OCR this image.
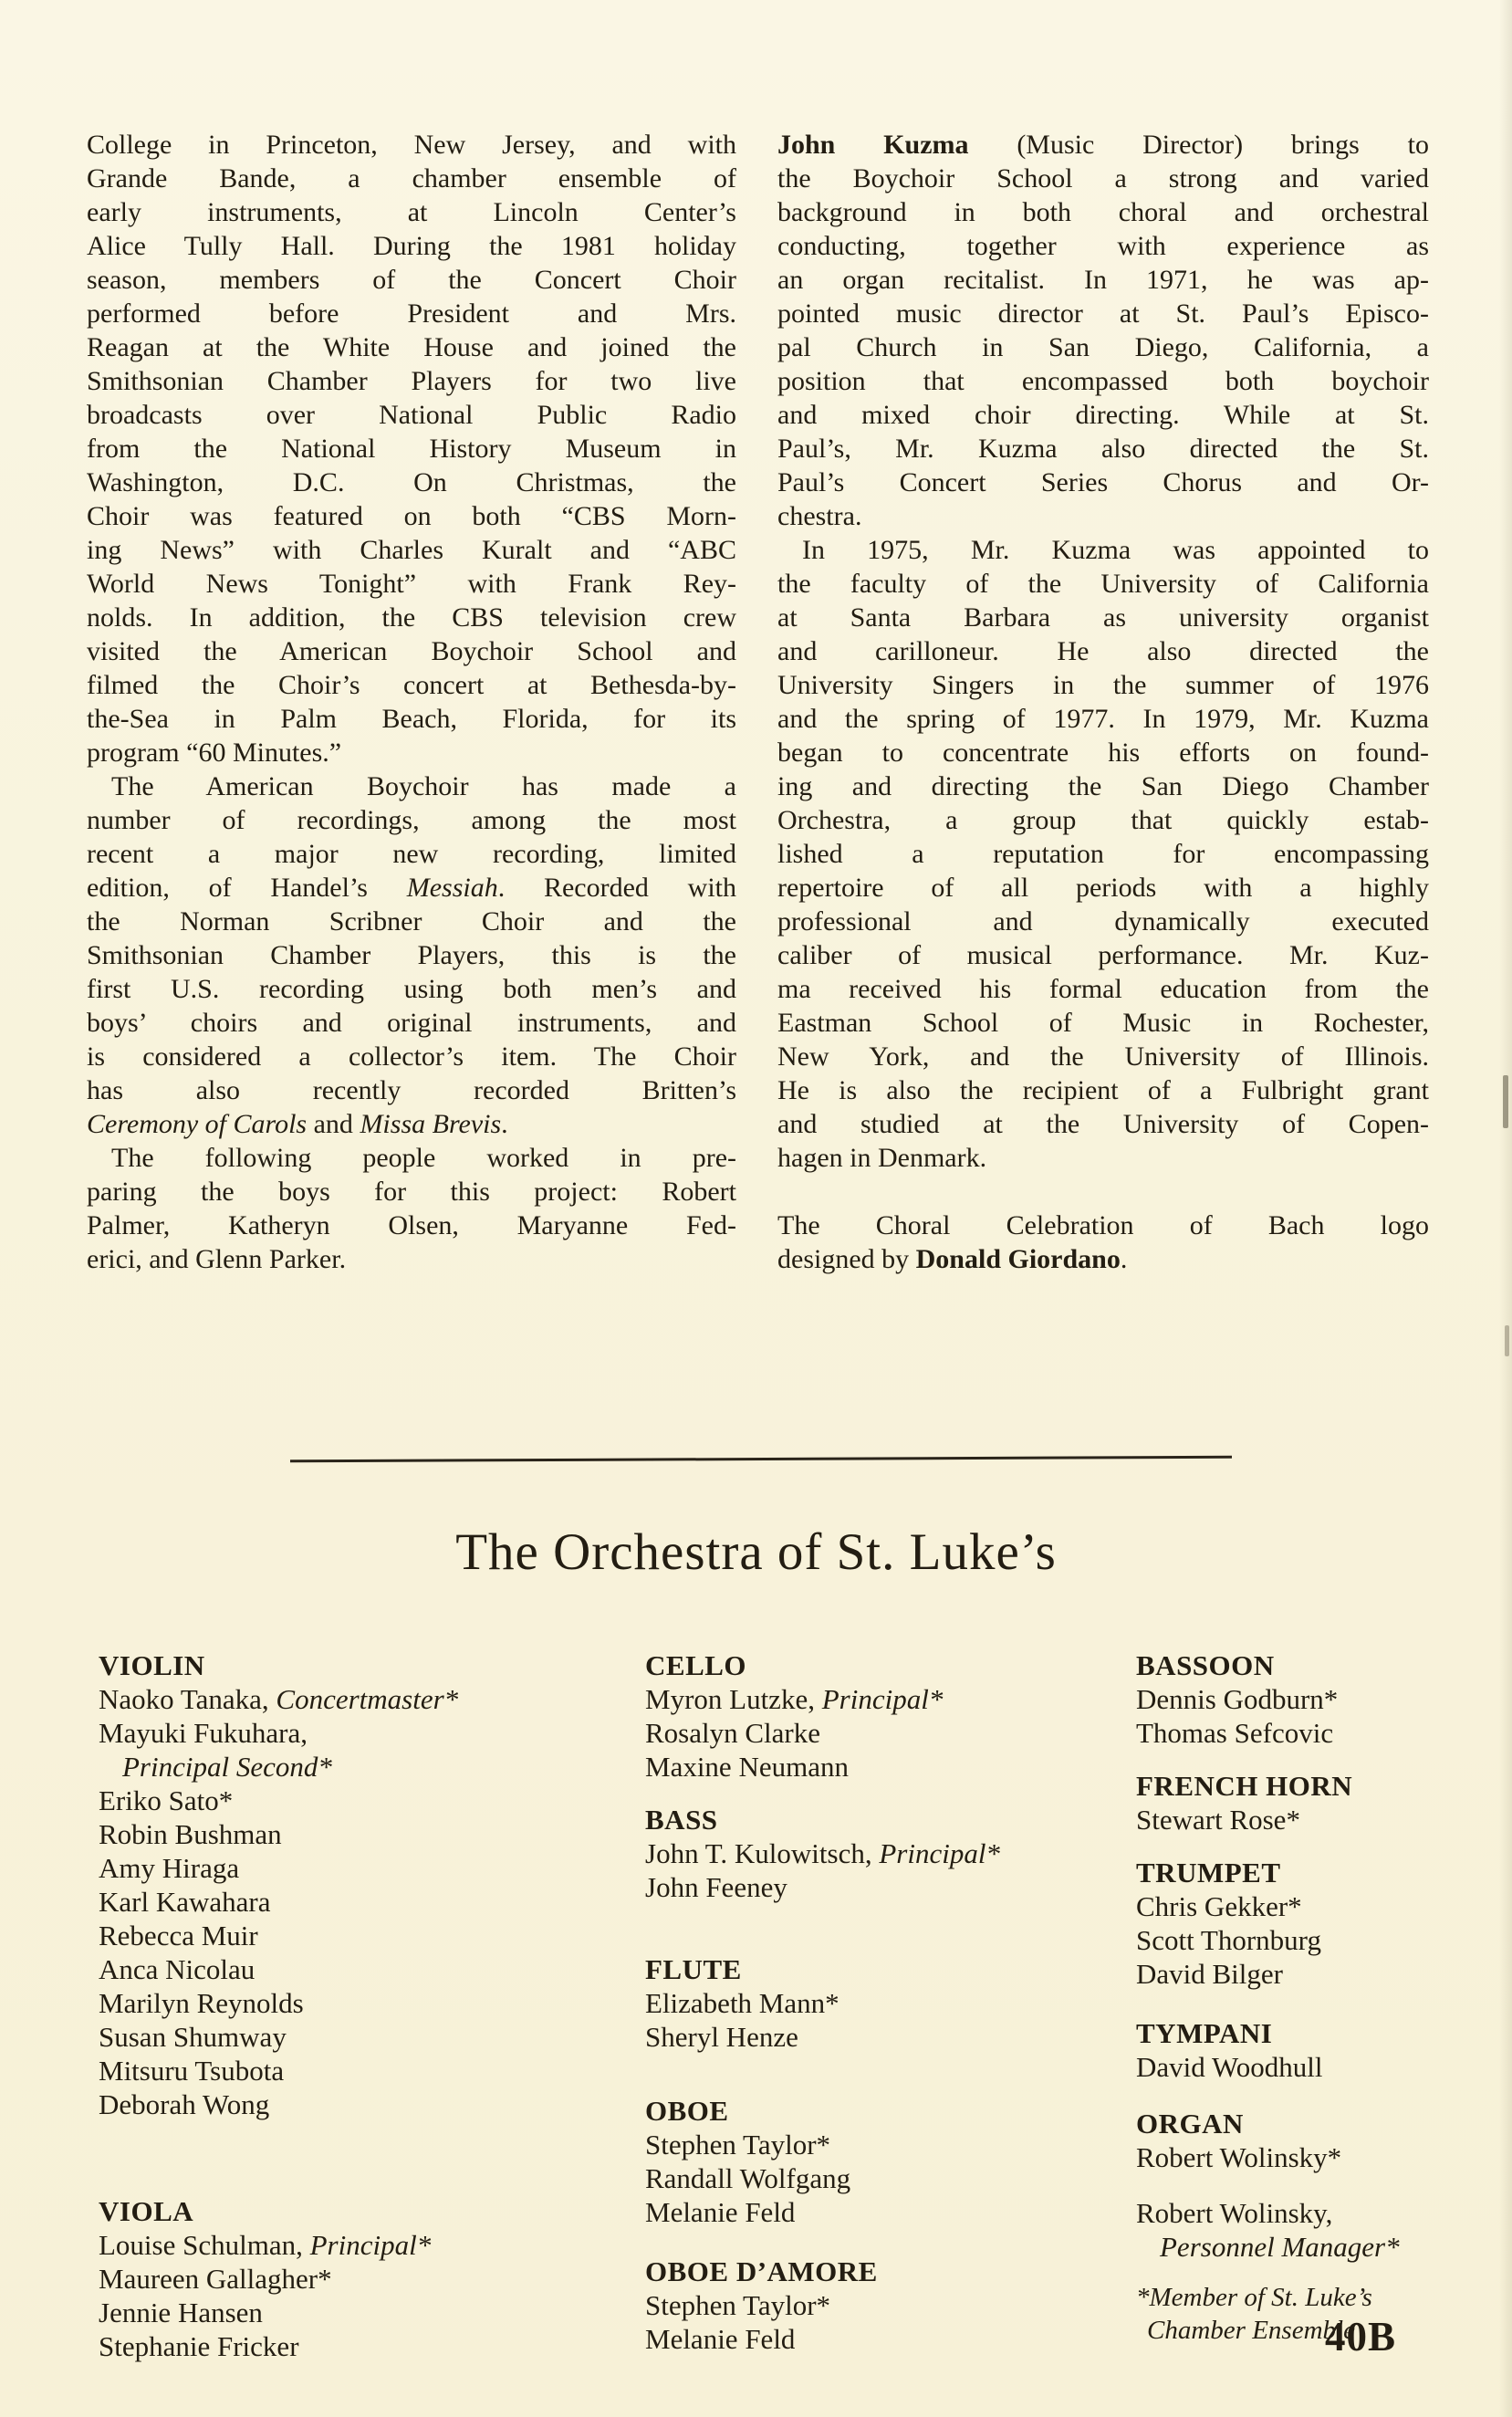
College in Princeton, New Jersey, and with
Grande Bande, a chamber ensemble of
early instruments, at Lincoln Center’s
Alice Tully Hall. During the 1981 holiday
season, members of the Concert Choir
performed before President and Mrs.
Reagan at the White House and joined the
Smithsonian Chamber Players for two live
broadcasts over National Public Radio
from the National History Museum in
Washington, D.C. On Christmas, the
Choir was featured on both “CBS Morn-
ing News” with Charles Kuralt and “ABC
World News Tonight” with Frank Rey-
nolds. In addition, the CBS television crew
visited the American Boychoir School and
filmed the Choir’s concert at Bethesda-by-
the-Sea in Palm Beach, Florida, for its
program “60 Minutes.”
The American Boychoir has made a
number of recordings, among the most
recent a major new recording, limited
edition, of Handel’s Messiah. Recorded with
the Norman Scribner Choir and the
Smithsonian Chamber Players, this is the
first U.S. recording using both men’s and
boys’ choirs and original instruments, and
is considered a collector’s item. The Choir
has also recently recorded Britten’s
Ceremony of Carols and Missa Brevis.
The following people worked in pre-
paring the boys for this project: Robert
Palmer, Katheryn Olsen, Maryanne Fed-
erici, and Glenn Parker.
John Kuzma (Music Director) brings to
the Boychoir School a strong and varied
background in both choral and orchestral
conducting, together with experience as
an organ recitalist. In 1971, he was ap-
pointed music director at St. Paul’s Episco-
pal Church in San Diego, California, a
position that encompassed both boychoir
and mixed choir directing. While at St.
Paul’s, Mr. Kuzma also directed the St.
Paul’s Concert Series Chorus and Or-
chestra.
In 1975, Mr. Kuzma was appointed to
the faculty of the University of California
at Santa Barbara as university organist
and carilloneur. He also directed the
University Singers in the summer of 1976
and the spring of 1977. In 1979, Mr. Kuzma
began to concentrate his efforts on found-
ing and directing the San Diego Chamber
Orchestra, a group that quickly estab-
lished a reputation for encompassing
repertoire of all periods with a highly
professional and dynamically executed
caliber of musical performance. Mr. Kuz-
ma received his formal education from the
Eastman School of Music in Rochester,
New York, and the University of Illinois.
He is also the recipient of a Fulbright grant
and studied at the University of Copen-
hagen in Denmark.
The Choral Celebration of Bach logo
designed by Donald Giordano.
The Orchestra of St. Luke’s
VIOLIN
Naoko Tanaka, Concertmaster*
Mayuki Fukuhara,
Principal Second*
Eriko Sato*
Robin Bushman
Amy Hiraga
Karl Kawahara
Rebecca Muir
Anca Nicolau
Marilyn Reynolds
Susan Shumway
Mitsuru Tsubota
Deborah Wong
VIOLA
Louise Schulman, Principal*
Maureen Gallagher*
Jennie Hansen
Stephanie Fricker
CELLO
Myron Lutzke, Principal*
Rosalyn Clarke
Maxine Neumann
BASS
John T. Kulowitsch, Principal*
John Feeney
FLUTE
Elizabeth Mann*
Sheryl Henze
OBOE
Stephen Taylor*
Randall Wolfgang
Melanie Feld
OBOE D’AMORE
Stephen Taylor*
Melanie Feld
BASSOON
Dennis Godburn*
Thomas Sefcovic
FRENCH HORN
Stewart Rose*
TRUMPET
Chris Gekker*
Scott Thornburg
David Bilger
TYMPANI
David Woodhull
ORGAN
Robert Wolinsky*
Robert Wolinsky,
Personnel Manager*
*Member of St. Luke’s
Chamber Ensemble
40B
